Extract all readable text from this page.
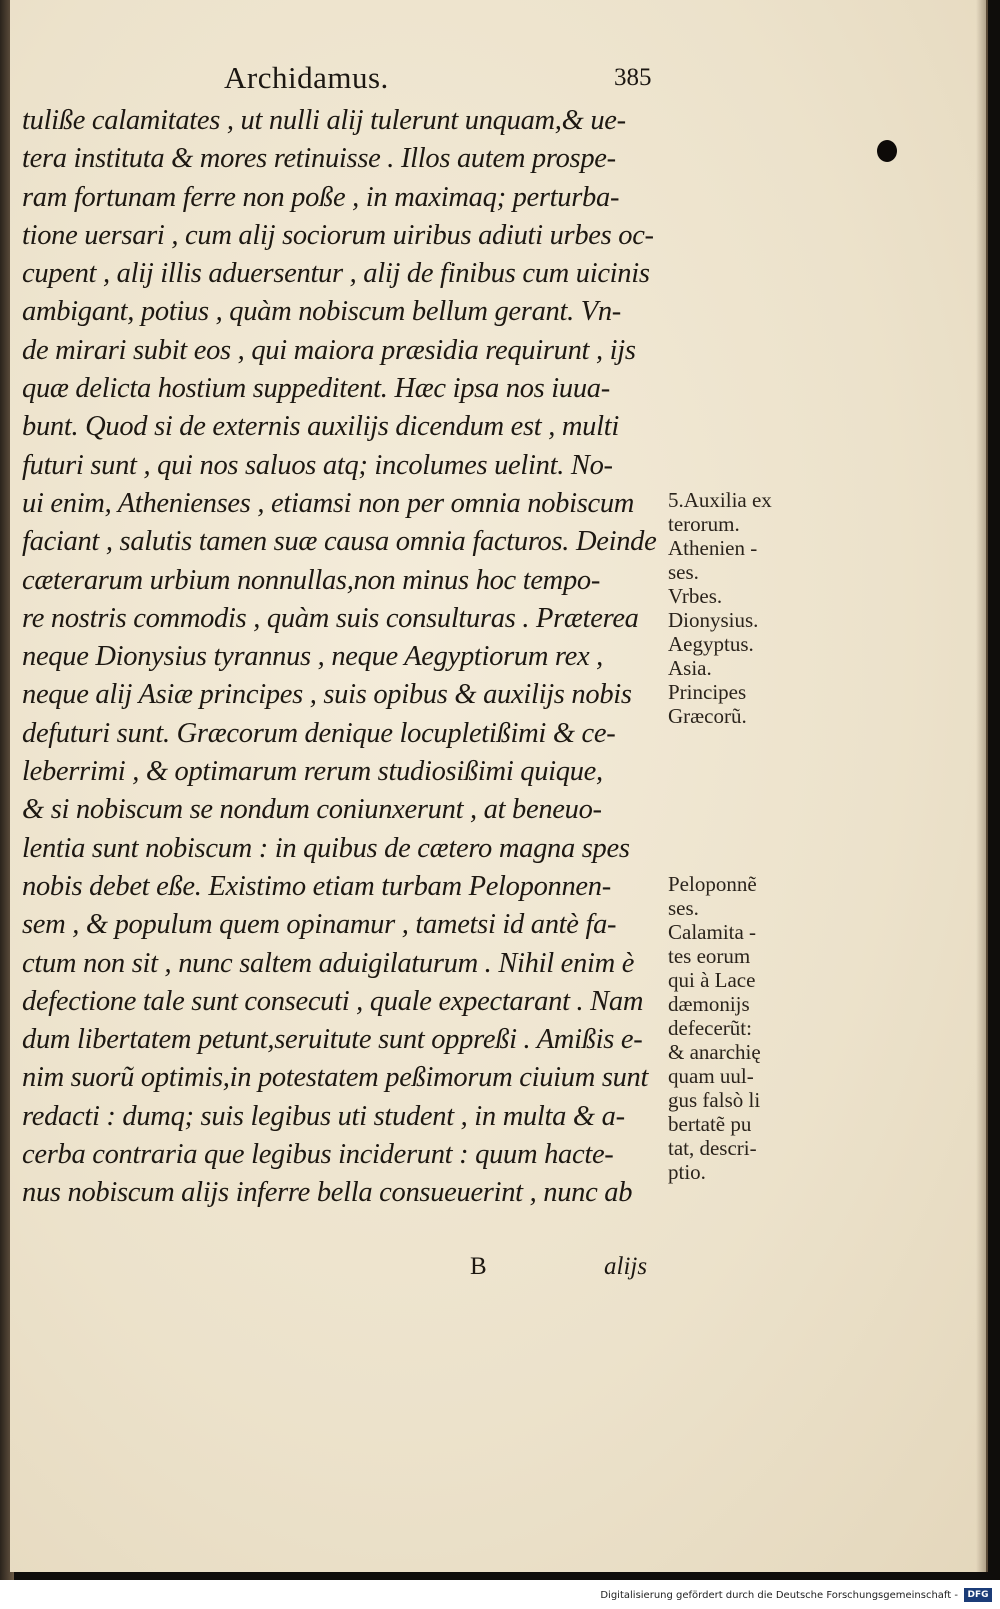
Archidamus.	385
tuliße calamitates , ut nulli alij tulerunt unquam,& ue-
tera instituta & mores retinuisse . Illos autem prospe-
ram fortunam ferre non poße , in maximaq; perturba-
tione uersari , cum alij sociorum uiribus adiuti urbes oc-
cupent , alij illis aduersentur , alij de finibus cum uicinis
ambigant, potius , quàm nobiscum bellum gerant. Vn-
de mirari subit eos , qui maiora præsidia requirunt , ijs
quæ delicta hostium suppeditent. Hæc ipsa nos iuua-
bunt. Quod si de externis auxilijs dicendum est , multi
futuri sunt , qui nos saluos atq; incolumes uelint. No-
ui enim, Athenienses , etiamsi non per omnia nobiscum
faciant , salutis tamen suæ causa omnia facturos. Deinde
cæterarum urbium nonnullas,non minus hoc tempo-
re nostris commodis , quàm suis consulturas . Præterea
neque Dionysius tyrannus , neque Aegyptiorum rex ,
neque alij Asiæ principes , suis opibus & auxilijs nobis
defuturi sunt. Græcorum denique locupletißimi & ce-
leberrimi , & optimarum rerum studiosißimi quique,
& si nobiscum se nondum coniunxerunt , at beneuo-
lentia sunt nobiscum : in quibus de cætero magna spes
nobis debet eße. Existimo etiam turbam Peloponnen-
sem , & populum quem opinamur , tametsi id antè fa-
ctum non sit , nunc saltem aduigilaturum . Nihil enim è
defectione tale sunt consecuti , quale expectarant . Nam
dum libertatem petunt,seruitute sunt oppreßi . Amißis e-
nim suorũ optimis,in potestatem peßimorum ciuium sunt
redacti : dumq; suis legibus uti student , in multa & a-
cerba contraria que legibus inciderunt : quum hacte-
nus nobiscum alijs inferre bella consueuerint , nunc ab
B	alijs
5.Auxilia ex
terorum.
Athenien -
ses.
Vrbes.
Dionysius.
Aegyptus.
Asia.
Principes
Græcorũ.
Peloponnẽ
ses.
Calamita -
tes eorum
qui à Lace
dæmonijs
defecerũt:
& anarchię
quam uul-
gus falsò li
bertatẽ pu
tat, descri-
ptio.
Digitalisierung gefördert durch die Deutsche Forschungsgemeinschaft -	DFG
